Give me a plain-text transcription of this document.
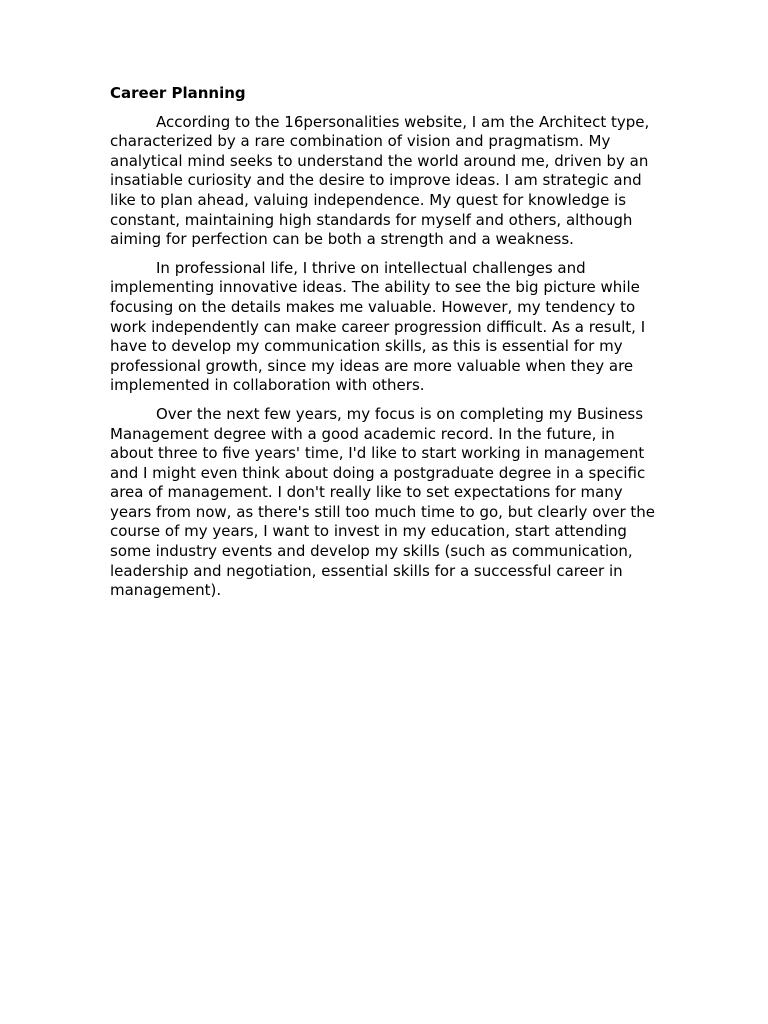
Career Planning

According to the 16personalities website, I am the Architect type, characterized by a rare combination of vision and pragmatism. My analytical mind seeks to understand the world around me, driven by an insatiable curiosity and the desire to improve ideas. I am strategic and like to plan ahead, valuing independence. My quest for knowledge is constant, maintaining high standards for myself and others, although aiming for perfection can be both a strength and a weakness.

In professional life, I thrive on intellectual challenges and implementing innovative ideas. The ability to see the big picture while focusing on the details makes me valuable. However, my tendency to work independently can make career progression difficult. As a result, I have to develop my communication skills, as this is essential for my professional growth, since my ideas are more valuable when they are implemented in collaboration with others.

Over the next few years, my focus is on completing my Business Management degree with a good academic record. In the future, in about three to five years' time, I'd like to start working in management and I might even think about doing a postgraduate degree in a specific area of management. I don't really like to set expectations for many years from now, as there's still too much time to go, but clearly over the course of my years, I want to invest in my education, start attending some industry events and develop my skills (such as communication, leadership and negotiation, essential skills for a successful career in management).
